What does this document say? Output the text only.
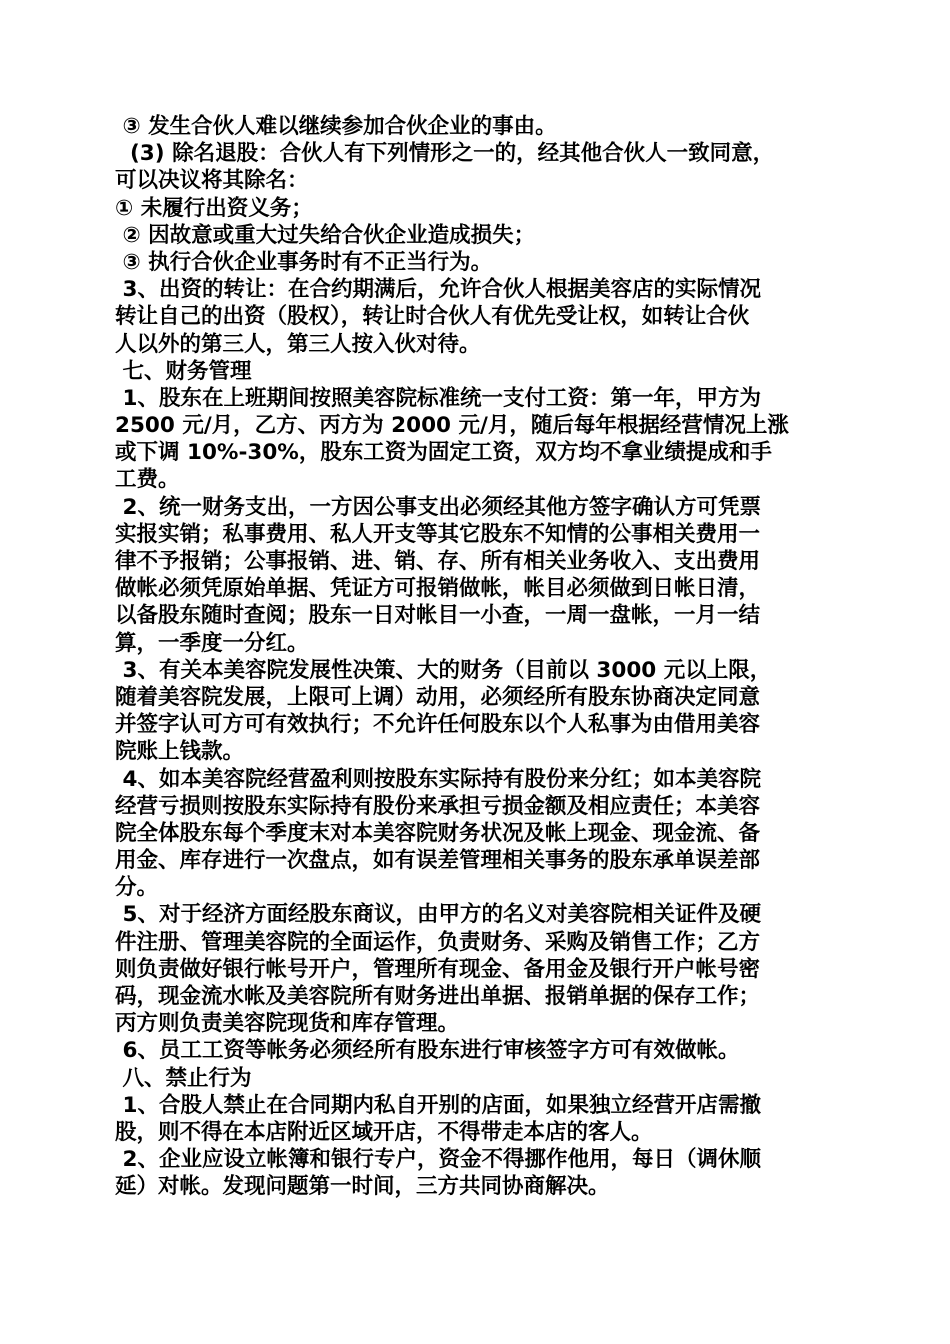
③ 发生合伙人难以继续参加合伙企业的事由。
(3) 除名退股：合伙人有下列情形之一的，经其他合伙人一致同意，
可以决议将其除名：
① 未履行出资义务；
② 因故意或重大过失给合伙企业造成损失；
③ 执行合伙企业事务时有不正当行为。
3、出资的转让：在合约期满后，允许合伙人根据美容店的实际情况
转让自己的出资（股权），转让时合伙人有优先受让权，如转让合伙
人以外的第三人，第三人按入伙对待。
七、财务管理
1、股东在上班期间按照美容院标准统一支付工资：第一年，甲方为
2500 元/月，乙方、丙方为 2000 元/月，随后每年根据经营情况上涨
或下调 10%-30%，股东工资为固定工资，双方均不拿业绩提成和手
工费。
2、统一财务支出，一方因公事支出必须经其他方签字确认方可凭票
实报实销；私事费用、私人开支等其它股东不知情的公事相关费用一
律不予报销；公事报销、进、销、存、所有相关业务收入、支出费用
做帐必须凭原始单据、凭证方可报销做帐，帐目必须做到日帐日清，
以备股东随时查阅；股东一日对帐目一小查，一周一盘帐，一月一结
算，一季度一分红。
3、有关本美容院发展性决策、大的财务（目前以 3000 元以上限，
随着美容院发展，上限可上调）动用，必须经所有股东协商决定同意
并签字认可方可有效执行；不允许任何股东以个人私事为由借用美容
院账上钱款。
4、如本美容院经营盈利则按股东实际持有股份来分红；如本美容院
经营亏损则按股东实际持有股份来承担亏损金额及相应责任；本美容
院全体股东每个季度末对本美容院财务状况及帐上现金、现金流、备
用金、库存进行一次盘点，如有误差管理相关事务的股东承单误差部
分。
5、对于经济方面经股东商议，由甲方的名义对美容院相关证件及硬
件注册、管理美容院的全面运作，负责财务、采购及销售工作；乙方
则负责做好银行帐号开户，管理所有现金、备用金及银行开户帐号密
码，现金流水帐及美容院所有财务进出单据、报销单据的保存工作；
丙方则负责美容院现货和库存管理。
6、员工工资等帐务必须经所有股东进行审核签字方可有效做帐。
八、禁止行为
1、合股人禁止在合同期内私自开别的店面，如果独立经营开店需撤
股，则不得在本店附近区域开店，不得带走本店的客人。
2、企业应设立帐簿和银行专户，资金不得挪作他用，每日（调休顺
延）对帐。发现问题第一时间，三方共同协商解决。
